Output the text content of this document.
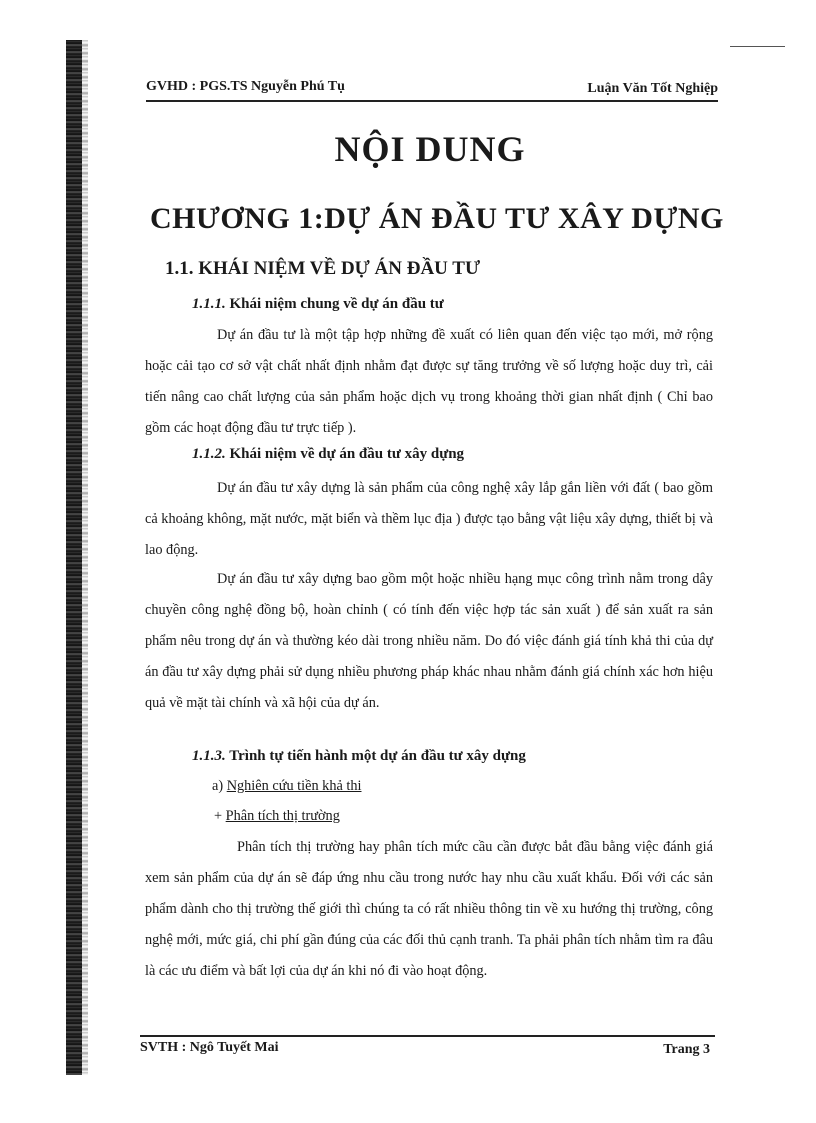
GVHD : PGS.TS Nguyễn Phú Tụ	Luận Văn Tốt Nghiệp
NỘI DUNG
CHƯƠNG 1:DỰ ÁN ĐẦU TƯ XÂY DỰNG
1.1. KHÁI NIỆM VỀ DỰ ÁN ĐẦU TƯ
1.1.1. Khái niệm chung về dự án đầu tư

Dự án đầu tư là một tập hợp những đề xuất có liên quan đến việc tạo mới, mở rộng hoặc cải tạo cơ sở vật chất nhất định nhằm đạt được sự tăng trưởng về số lượng hoặc duy trì, cải tiến nâng cao chất lượng của sản phẩm hoặc dịch vụ trong khoảng thời gian nhất định ( Chỉ bao gồm các hoạt động đầu tư trực tiếp ).

1.1.2. Khái niệm về dự án đầu tư xây dựng

Dự án đầu tư xây dựng là sản phẩm của công nghệ xây lắp gắn liền với đất ( bao gồm cả khoảng không, mặt nước, mặt biển và thềm lục địa ) được tạo bằng vật liệu xây dựng, thiết bị và lao động.

Dự án đầu tư xây dựng bao gồm một hoặc nhiều hạng mục công trình nằm trong dây chuyền công nghệ đồng bộ, hoàn chỉnh ( có tính đến việc hợp tác sản xuất ) để sản xuất ra sản phẩm nêu trong dự án và thường kéo dài trong nhiều năm. Do đó việc đánh giá tính khả thi của dự án đầu tư xây dựng phải sử dụng nhiều phương pháp khác nhau nhằm đánh giá chính xác hơn hiệu quả về mặt tài chính và xã hội của dự án.

1.1.3. Trình tự tiến hành một dự án đầu tư xây dựng
a) Nghiên cứu tiền khả thi
+ Phân tích thị trường

Phân tích thị trường hay phân tích mức cầu cần được bắt đầu bằng việc đánh giá xem sản phẩm của dự án sẽ đáp ứng nhu cầu trong nước hay nhu cầu xuất khẩu. Đối với các sản phẩm dành cho thị trường thế giới thì chúng ta có rất nhiều thông tin về xu hướng thị trường, công nghệ mới, mức giá, chi phí gần đúng của các đối thủ cạnh tranh. Ta phải phân tích nhằm tìm ra đâu là các ưu điểm và bất lợi của dự án khi nó đi vào hoạt động.

SVTH : Ngô Tuyết Mai	Trang 3
